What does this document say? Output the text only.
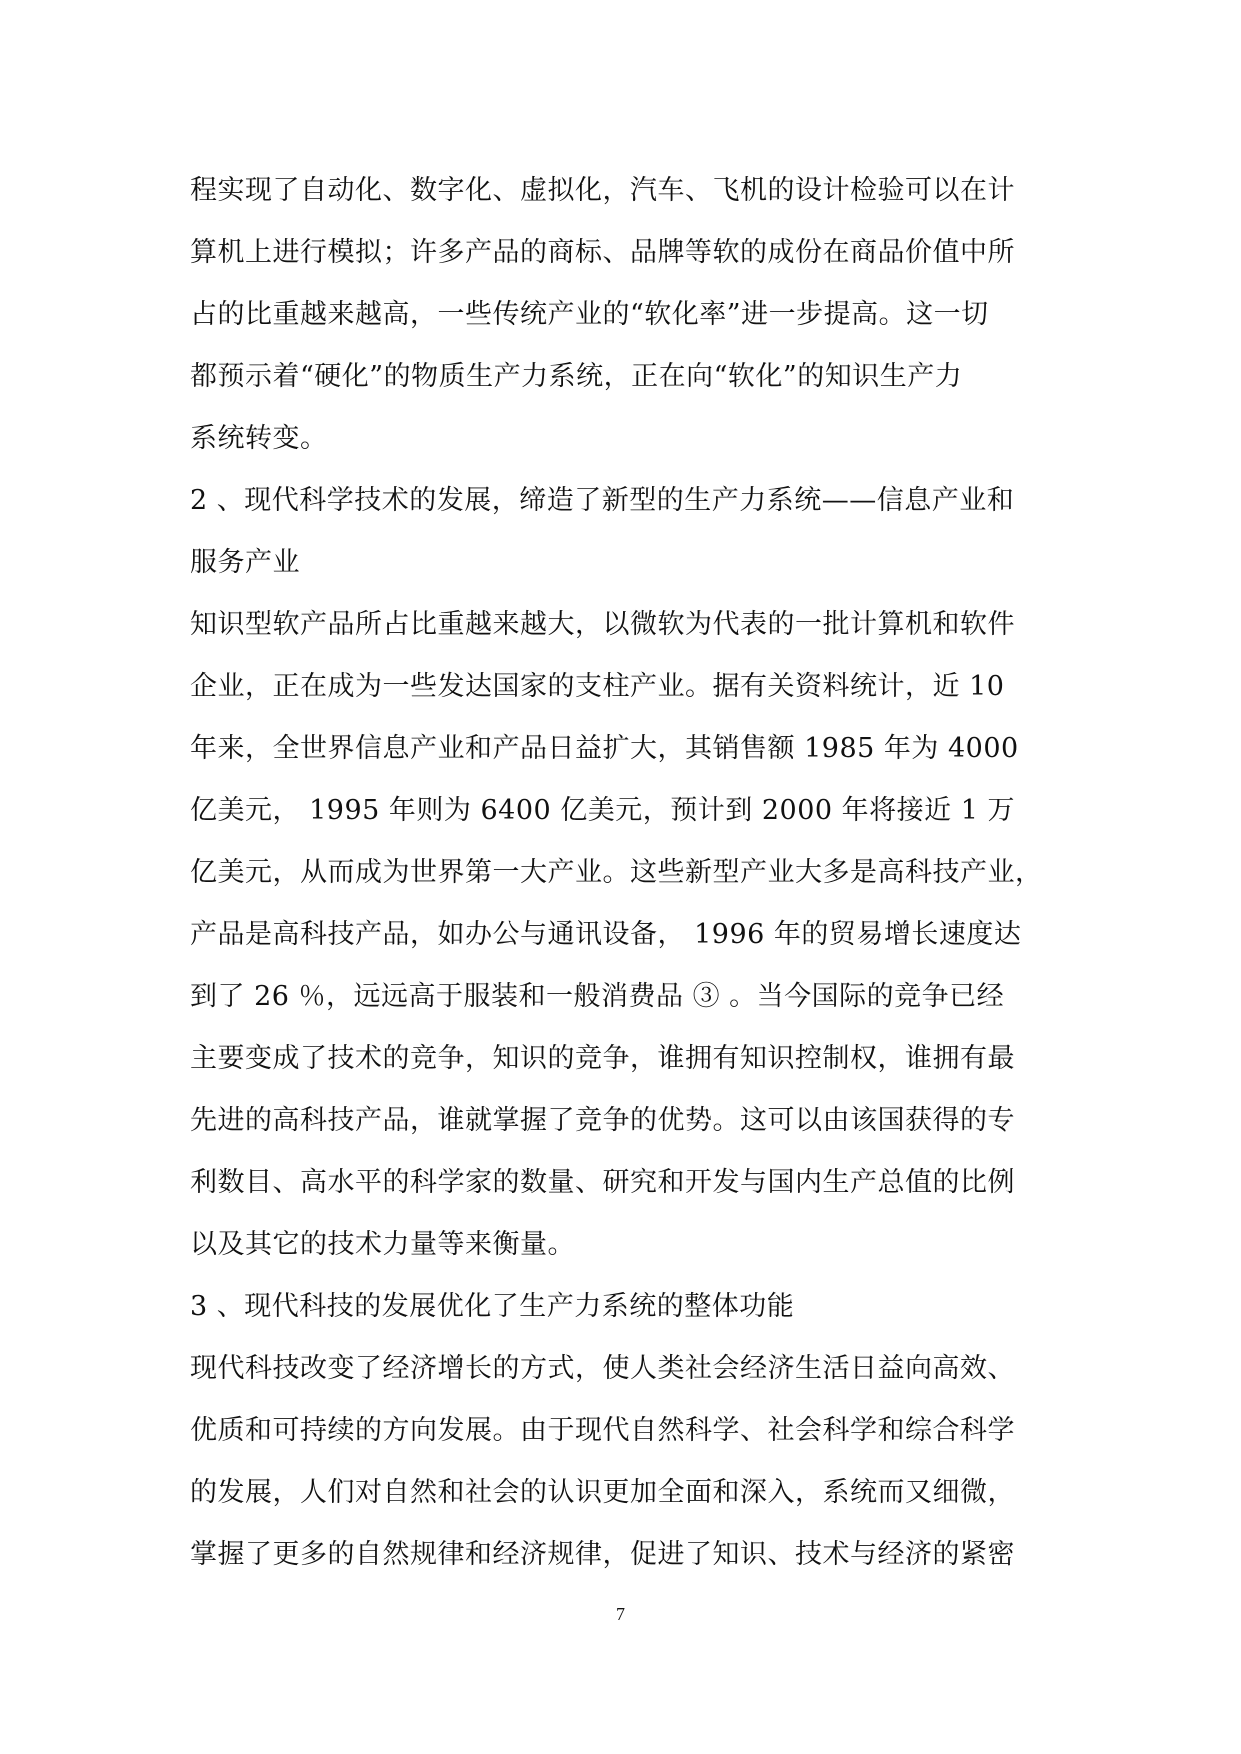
程实现了自动化、数字化、虚拟化，汽车、飞机的设计检验可以在计
算机上进行模拟；许多产品的商标、品牌等软的成份在商品价值中所
占的比重越来越高，一些传统产业的“软化率”进一步提高。这一切
都预示着“硬化”的物质生产力系统，正在向“软化”的知识生产力
系统转变。
2 、现代科学技术的发展，缔造了新型的生产力系统——信息产业和
服务产业
知识型软产品所占比重越来越大，以微软为代表的一批计算机和软件
企业，正在成为一些发达国家的支柱产业。据有关资料统计，近 10
年来，全世界信息产业和产品日益扩大，其销售额 1985 年为 4000
亿美元， 1995 年则为 6400 亿美元，预计到 2000 年将接近 1 万
亿美元，从而成为世界第一大产业。这些新型产业大多是高科技产业，
产品是高科技产品，如办公与通讯设备， 1996 年的贸易增长速度达
到了 26 ％，远远高于服装和一般消费品 ③ 。当今国际的竞争已经
主要变成了技术的竞争，知识的竞争，谁拥有知识控制权，谁拥有最
先进的高科技产品，谁就掌握了竞争的优势。这可以由该国获得的专
利数目、高水平的科学家的数量、研究和开发与国内生产总值的比例
以及其它的技术力量等来衡量。
3 、现代科技的发展优化了生产力系统的整体功能
现代科技改变了经济增长的方式，使人类社会经济生活日益向高效、
优质和可持续的方向发展。由于现代自然科学、社会科学和综合科学
的发展，人们对自然和社会的认识更加全面和深入，系统而又细微，
掌握了更多的自然规律和经济规律，促进了知识、技术与经济的紧密
7
